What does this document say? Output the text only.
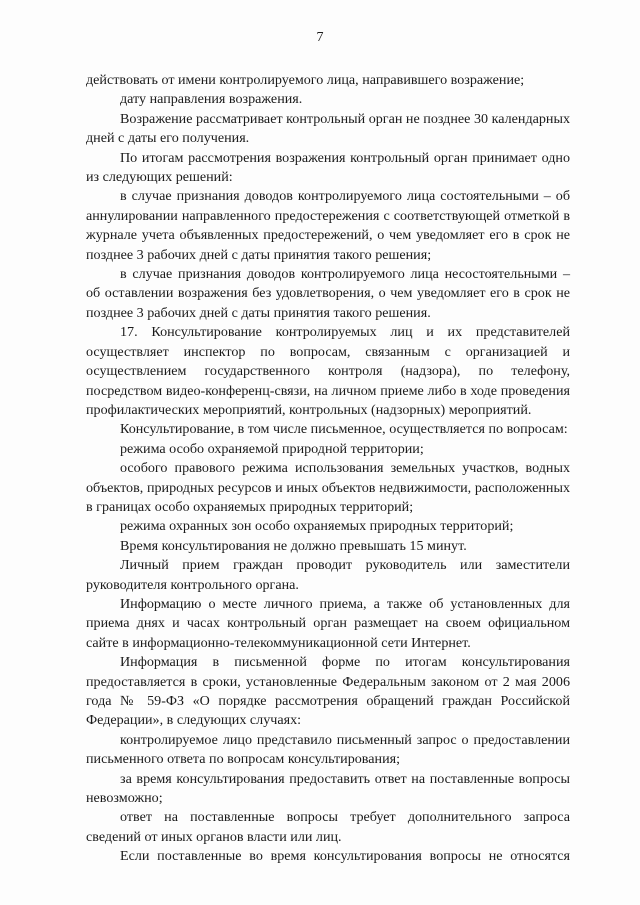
7

действовать от имени контролируемого лица, направившего возражение;

дату направления возражения.

Возражение рассматривает контрольный орган не позднее 30 календарных дней с даты его получения.

По итогам рассмотрения возражения контрольный орган принимает одно из следующих решений:

в случае признания доводов контролируемого лица состоятельными – об аннулировании направленного предостережения с соответствующей отметкой в журнале учета объявленных предостережений, о чем уведомляет его в срок не позднее 3 рабочих дней с даты принятия такого решения;

в случае признания доводов контролируемого лица несостоятельными – об оставлении возражения без удовлетворения, о чем уведомляет его в срок не позднее 3 рабочих дней с даты принятия такого решения.

17. Консультирование контролируемых лиц и их представителей осуществляет инспектор по вопросам, связанным с организацией и осуществлением государственного контроля (надзора), по телефону, посредством видео-конференц-связи, на личном приеме либо в ходе проведения профилактических мероприятий, контрольных (надзорных) мероприятий.

Консультирование, в том числе письменное, осуществляется по вопросам:

режима особо охраняемой природной территории;

особого правового режима использования земельных участков, водных объектов, природных ресурсов и иных объектов недвижимости, расположенных в границах особо охраняемых природных территорий;

режима охранных зон особо охраняемых природных территорий;

Время консультирования не должно превышать 15 минут.

Личный прием граждан проводит руководитель или заместители руководителя контрольного органа.

Информацию о месте личного приема, а также об установленных для приема днях и часах контрольный орган размещает на своем официальном сайте в информационно-телекоммуникационной сети Интернет.

Информация в письменной форме по итогам консультирования предоставляется в сроки, установленные Федеральным законом от 2 мая 2006 года № 59-ФЗ «О порядке рассмотрения обращений граждан Российской Федерации», в следующих случаях:

контролируемое лицо представило письменный запрос о предоставлении письменного ответа по вопросам консультирования;

за время консультирования предоставить ответ на поставленные вопросы невозможно;

ответ на поставленные вопросы требует дополнительного запроса сведений от иных органов власти или лиц.

Если поставленные во время консультирования вопросы не относятся
